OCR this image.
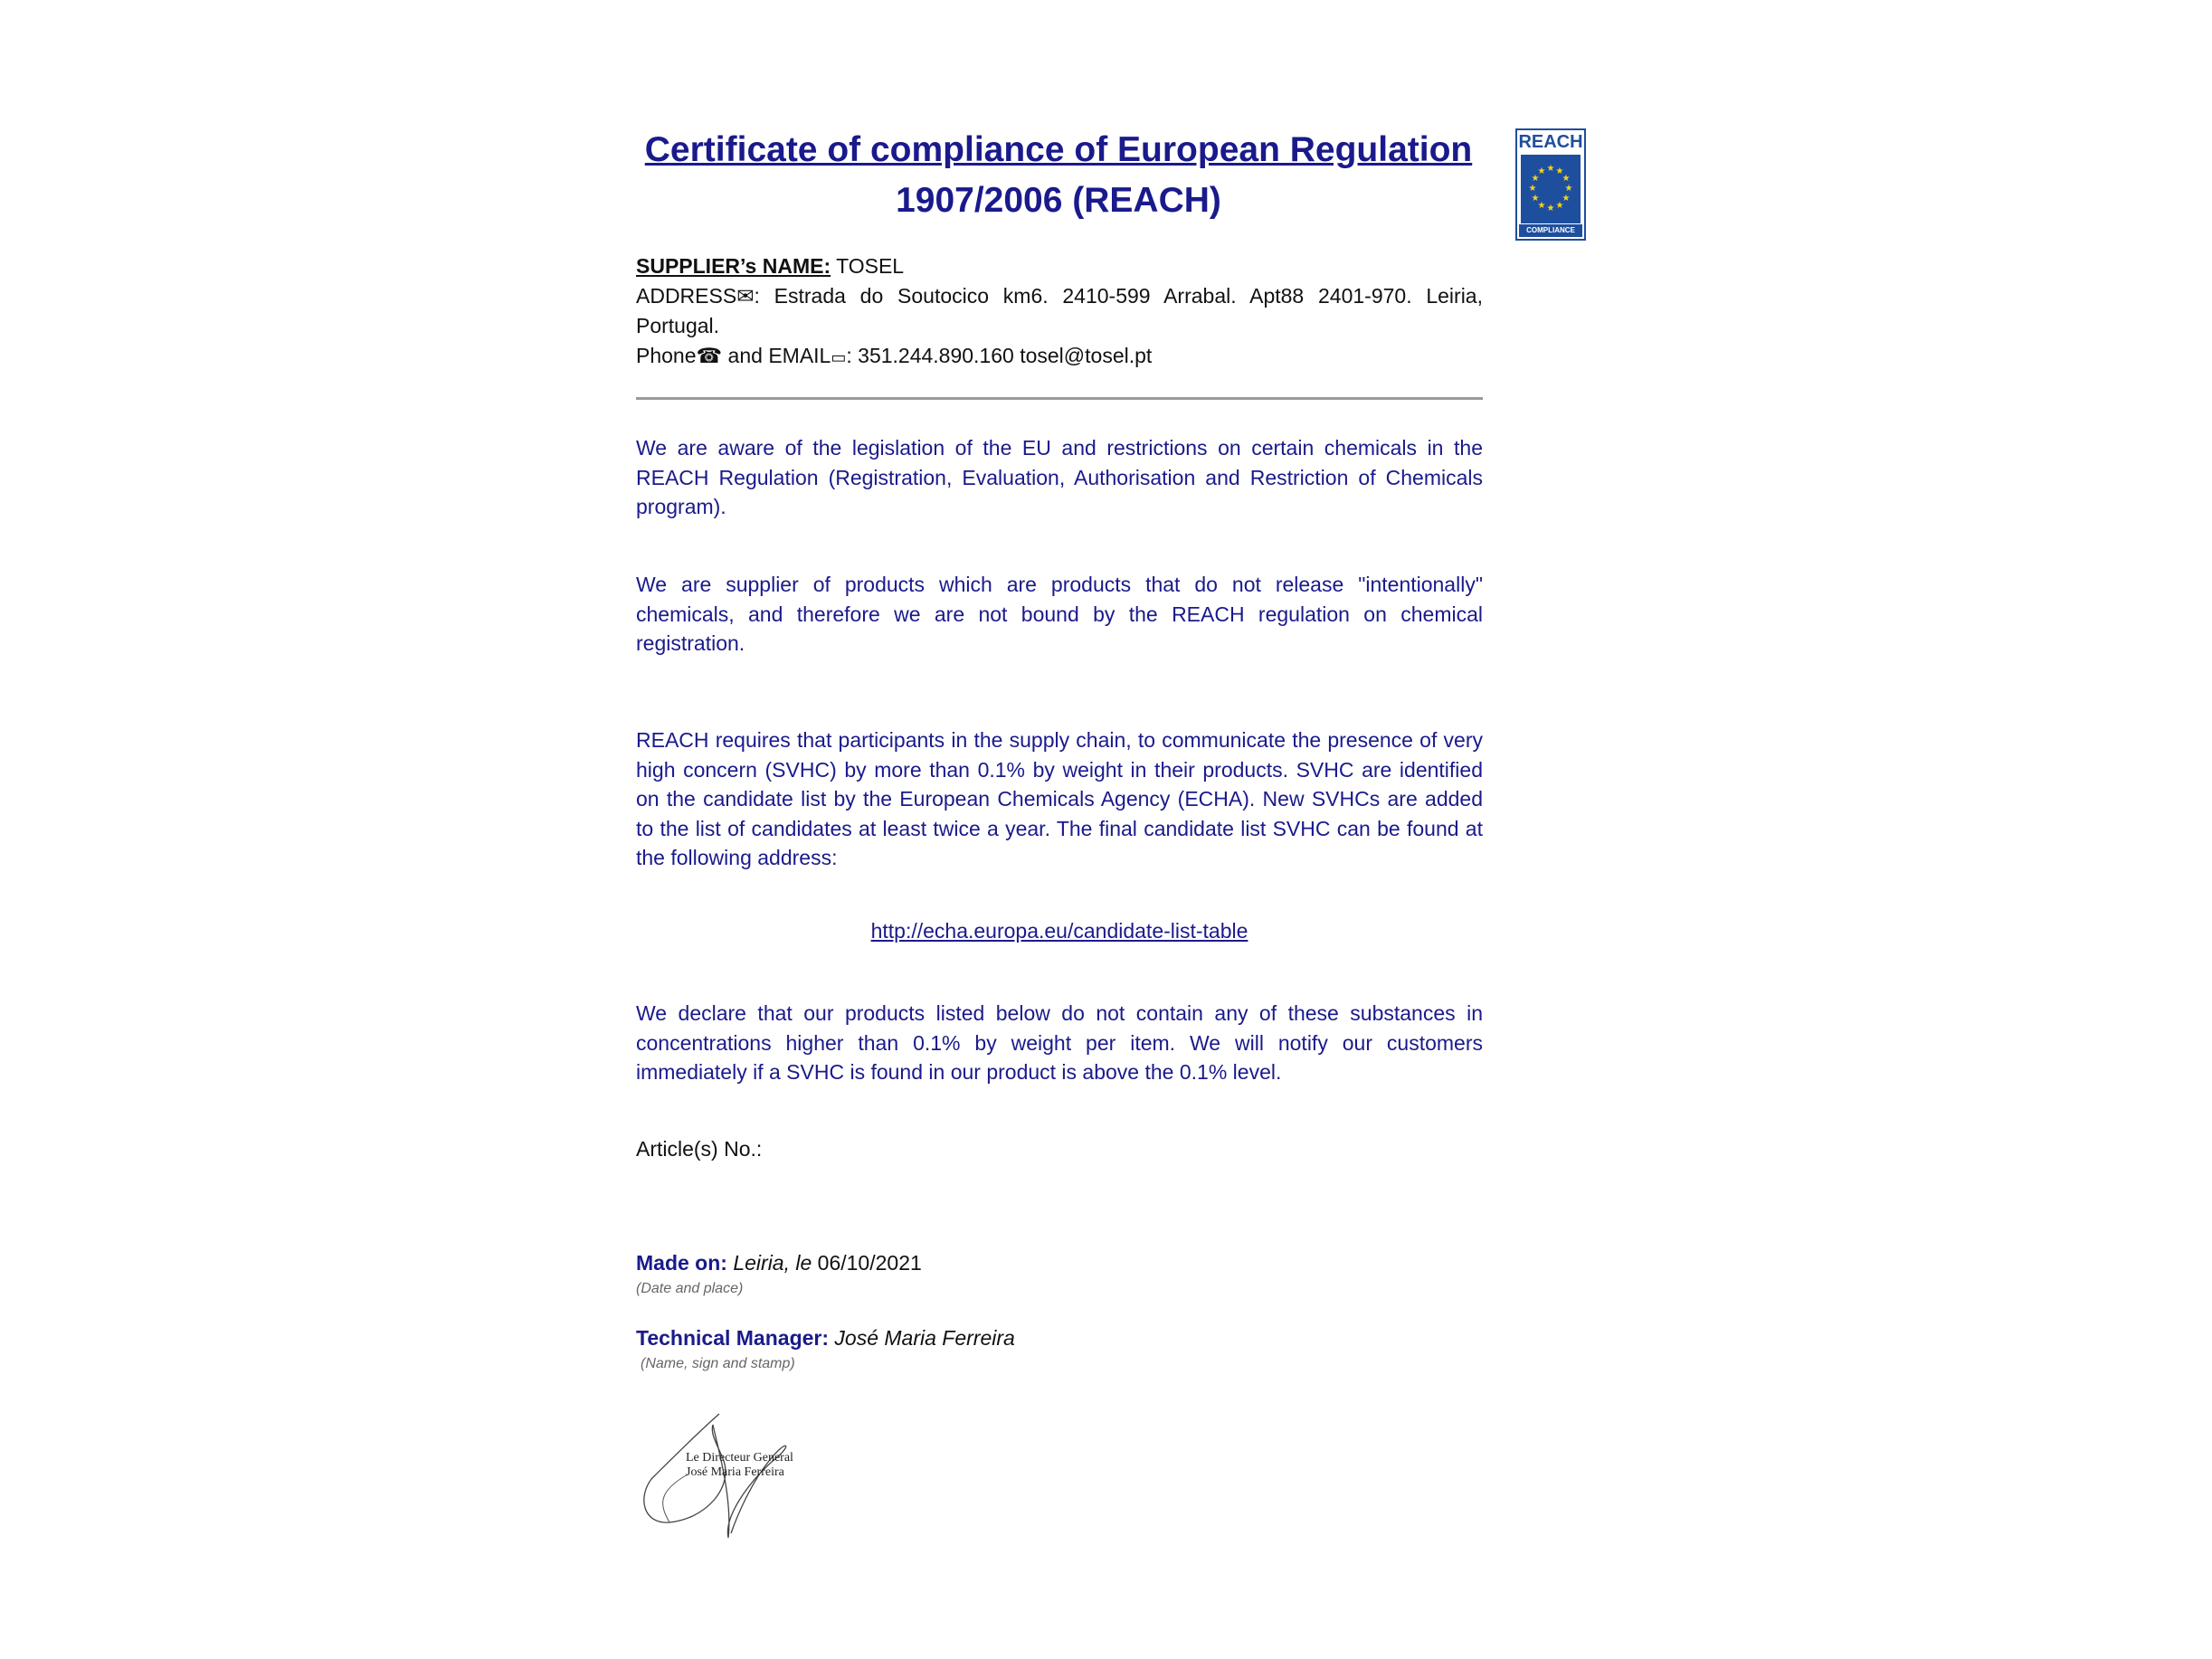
Certificate of compliance of European Regulation
1907/2006 (REACH)
REACH
★ ★
★
★
★
★
★
★
★
★
★
★
COMPLIANCE

SUPPLIER’s NAME: TOSEL

ADDRESS✉: Estrada do Soutocico km6. 2410-599 Arrabal. Apt88 2401-970. Leiria, Portugal.

Phone☎ and EMAIL▭: 351.244.890.160 tosel@tosel.pt

We are aware of the legislation of the EU and restrictions on certain chemicals in the REACH Regulation (Registration, Evaluation, Authorisation and Restriction of Chemicals program).

We are supplier of products which are products that do not release "intentionally" chemicals, and therefore we are not bound by the REACH regulation on chemical registration.

REACH requires that participants in the supply chain, to communicate the presence of very high concern (SVHC) by more than 0.1% by weight in their products. SVHC are identified on the candidate list by the European Chemicals Agency (ECHA). New SVHCs are added to the list of candidates at least twice a year. The final candidate list SVHC can be found at the following address:

http://echa.europa.eu/candidate-list-table

We declare that our products listed below do not contain any of these substances in concentrations higher than 0.1% by weight per item. We will notify our customers immediately if a SVHC is found in our product is above the 0.1% level.

Article(s) No.:
Made on: Leiria, le 06/10/2021
(Date and place)
Technical Manager: José Maria Ferreira
(Name, sign and stamp)
Le Directeur General
José Maria Ferreira
